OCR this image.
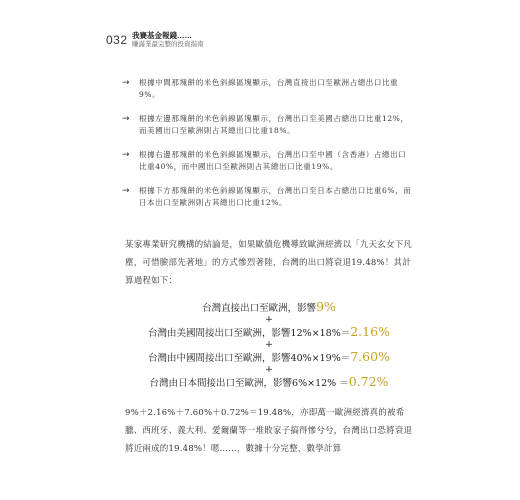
032 我賽基金報錢……
賺滿業最完整的投資指南
→ 根據中間那塊餅的米色斜線區塊顯示，台灣直接出口至歐洲占總出口比重9%。
→ 根據左邊那塊餅的米色斜線區塊顯示，台灣出口至美國占總出口比重12%，而美國出口至歐洲則占其總出口比重18%。
→ 根據右邊那塊餅的米色斜線區塊顯示，台灣出口至中國（含香港）占總出口比重40%，而中國出口至歐洲則占其總出口比重19%。
→ 根據下方那塊餅的米色斜線區塊顯示，台灣出口至日本占總出口比重6%，而日本出口至歐洲則占其總出口比重12%。
某家專業研究機構的結論是，如果歐債危機導致歐洲經濟以「九天玄女下凡塵，可惜臉部先著地」的方式慘烈著陸，台灣的出口將衰退19.48%！其計算過程如下：
台灣直接出口至歐洲，影響9%
+
台灣由美國間接出口至歐洲，影響12%×18%＝2.16%
+
台灣由中國間接出口至歐洲，影響40%×19%＝7.60%
+
台灣由日本間接出口至歐洲，影響6%×12% ＝0.72%
9%＋2.16%＋7.60%＋0.72%＝19.48%，亦即萬一歐洲經濟真的被希臘、西班牙、義大利、愛爾蘭等一堆敗家子搞得慘兮兮，台灣出口恐將衰退將近兩成的19.48%！嗯……，數據十分完整，數學計算
